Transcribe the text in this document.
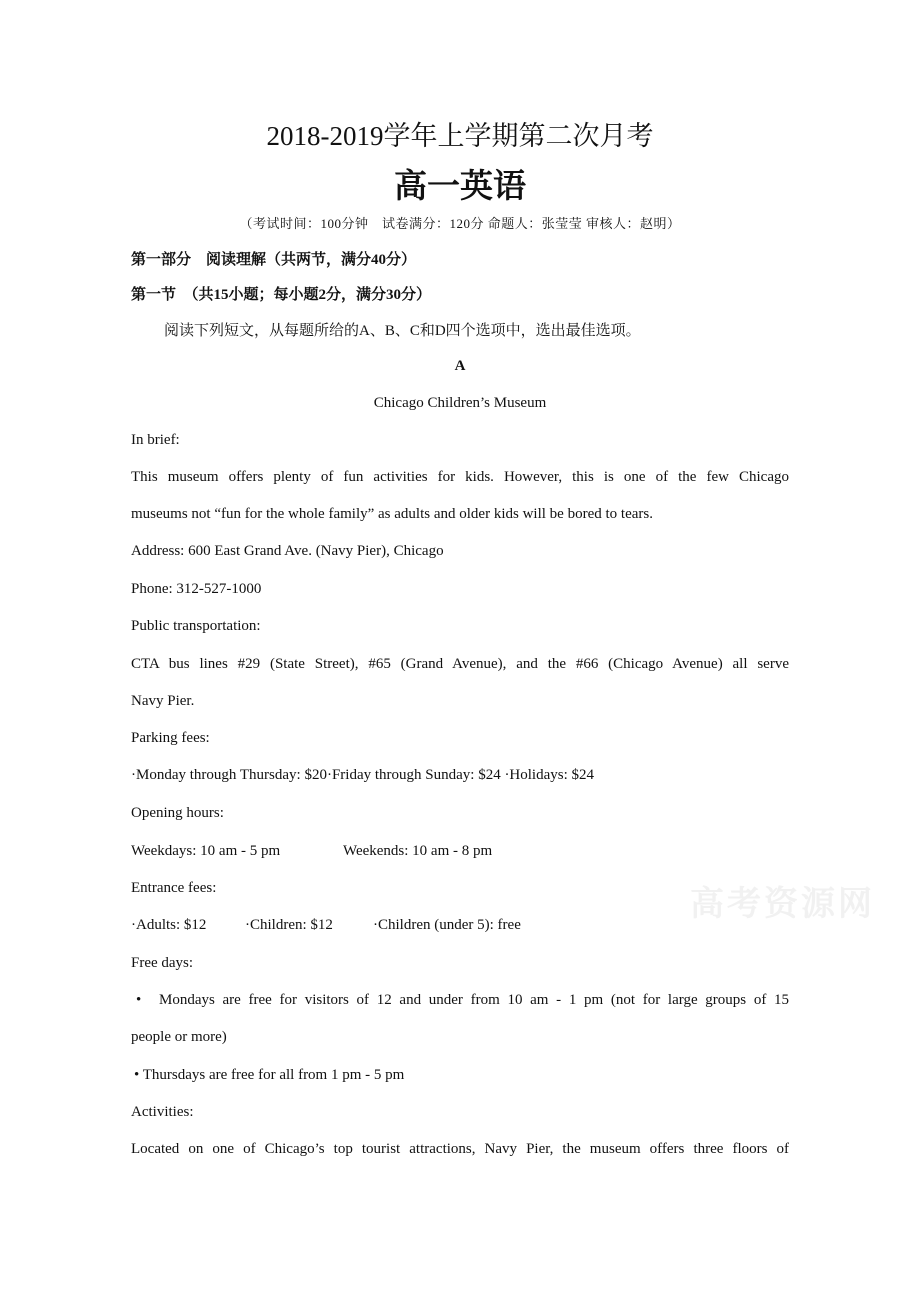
高考资源网
2018-2019学年上学期第二次月考
高一英语
（考试时间：100分钟　试卷满分：120分 命题人：张莹莹 审核人：赵明）
第一部分　阅读理解（共两节，满分40分）
第一节　（共15小题；每小题2分，满分30分）
阅读下列短文，从每题所给的A、B、C和D四个选项中，选出最佳选项。
A
Chicago Children’s Museum
In brief:
This museum offers plenty of fun activities for kids. However, this is one of the few Chicago
museums not “fun for the whole family” as adults and older kids will be bored to tears.
Address: 600 East Grand Ave. (Navy Pier), Chicago
Phone: 312-527-1000
Public transportation:
CTA bus lines #29 (State Street), #65 (Grand Avenue), and the #66 (Chicago Avenue) all serve
Navy Pier.
Parking fees:
·Monday through Thursday: $20·Friday through Sunday: $24 ·Holidays: $24
Opening hours:
Weekdays: 10 am - 5 pm	Weekends: 10 am - 8 pm
Entrance fees:
·Adults: $12	·Children: $12	·Children (under 5): free
Free days:
• Mondays are free for visitors of 12 and under from 10 am - 1 pm (not for large groups of 15
people or more)
• Thursdays are free for all from 1 pm - 5 pm
Activities:
Located on one of Chicago’s top tourist attractions, Navy Pier, the museum offers three floors of
